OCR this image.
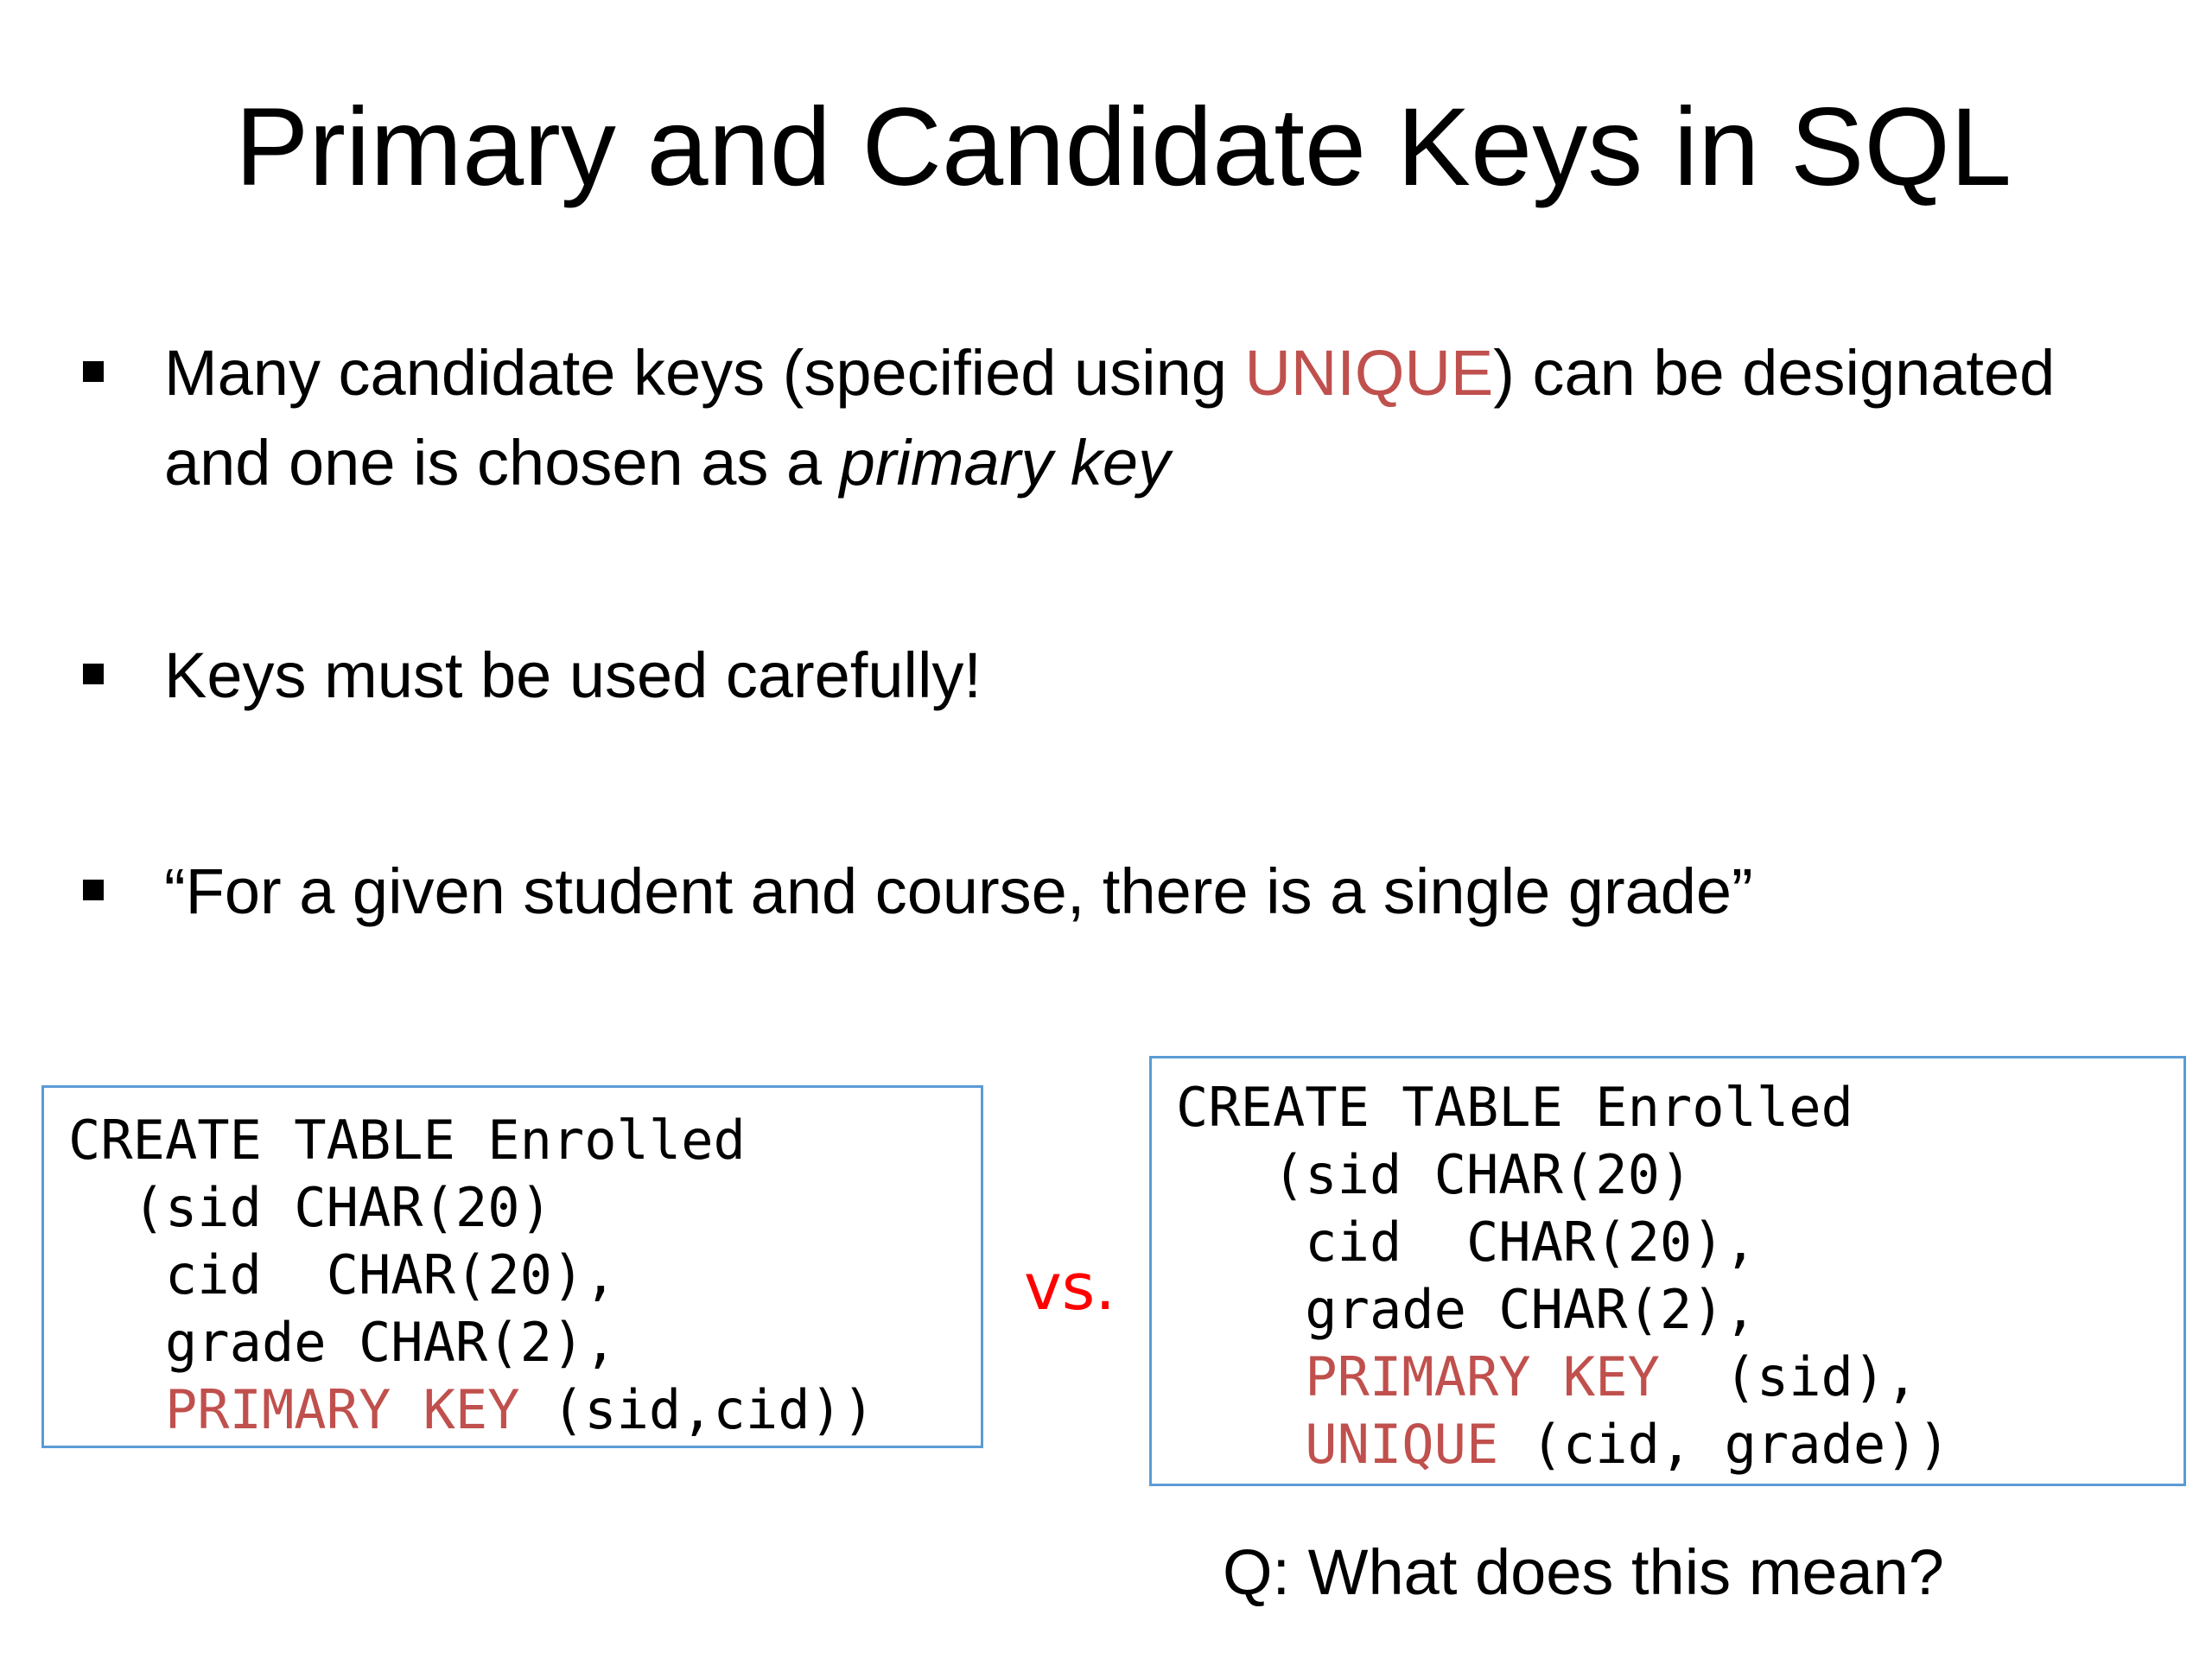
Primary and Candidate Keys in SQL
Many candidate keys (specified using UNIQUE) can be designated
and one is chosen as a primary key
Keys must be used carefully!
“For a given student and course, there is a single grade”
CREATE TABLE Enrolled
(sid CHAR(20)
cid  CHAR(20),
grade CHAR(2),
PRIMARY KEY (sid,cid))
vs.
CREATE TABLE Enrolled
(sid CHAR(20)
cid  CHAR(20),
grade CHAR(2),
PRIMARY KEY  (sid),
UNIQUE (cid, grade))
Q: What does this mean?
